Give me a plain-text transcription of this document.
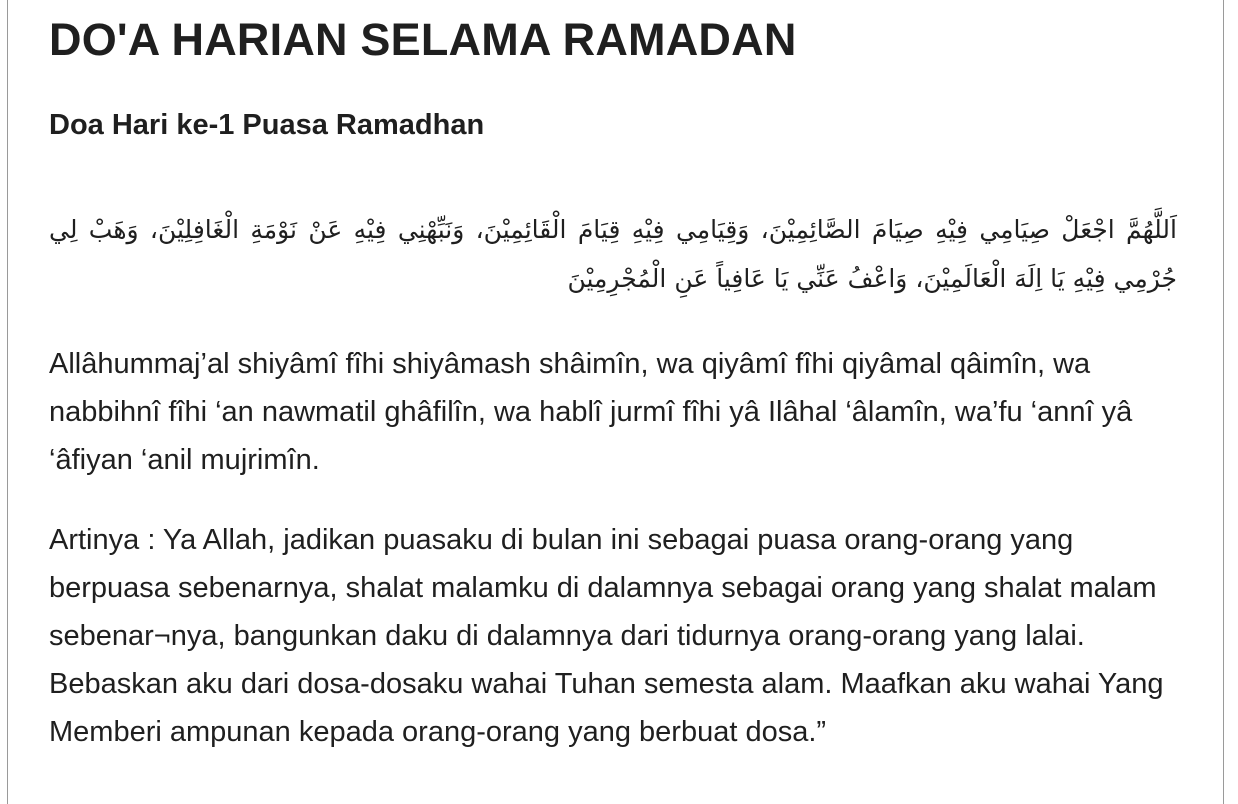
DO'A HARIAN SELAMA RAMADAN
Doa Hari ke-1 Puasa Ramadhan

اَللَّهُمَّ اجْعَلْ صِيَامِي فِيْهِ صِيَامَ الصَّائِمِيْنَ، وَقِيَامِي فِيْهِ قِيَامَ الْقَائِمِيْنَ، وَنَبِّهْنِي فِيْهِ عَنْ نَوْمَةِ الْغَافِلِيْنَ، وَهَبْ لِي جُرْمِي فِيْهِ يَا اِلَهَ الْعَالَمِيْنَ، وَاعْفُ عَنِّي يَا عَافِياً عَنِ الْمُجْرِمِيْنَ

Allâhummaj’al shiyâmî fîhi shiyâmash shâimîn, wa qiyâmî fîhi qiyâmal qâimîn, wa nabbihnî fîhi ‘an nawmatil ghâfilîn, wa hablî jurmî fîhi yâ Ilâhal ‘âlamîn, wa’fu ‘annî yâ ‘âfiyan ‘anil mujrimîn.

Artinya : Ya Allah, jadikan puasaku di bulan ini sebagai puasa orang-orang yang berpuasa sebenarnya, shalat malamku di dalamnya sebagai orang yang shalat malam sebenar¬nya, bangunkan daku di dalamnya dari tidurnya orang-orang yang lalai. Bebaskan aku dari dosa-dosaku wahai Tuhan semesta alam. Maafkan aku wahai Yang Memberi ampunan kepada orang-orang yang berbuat dosa.”
